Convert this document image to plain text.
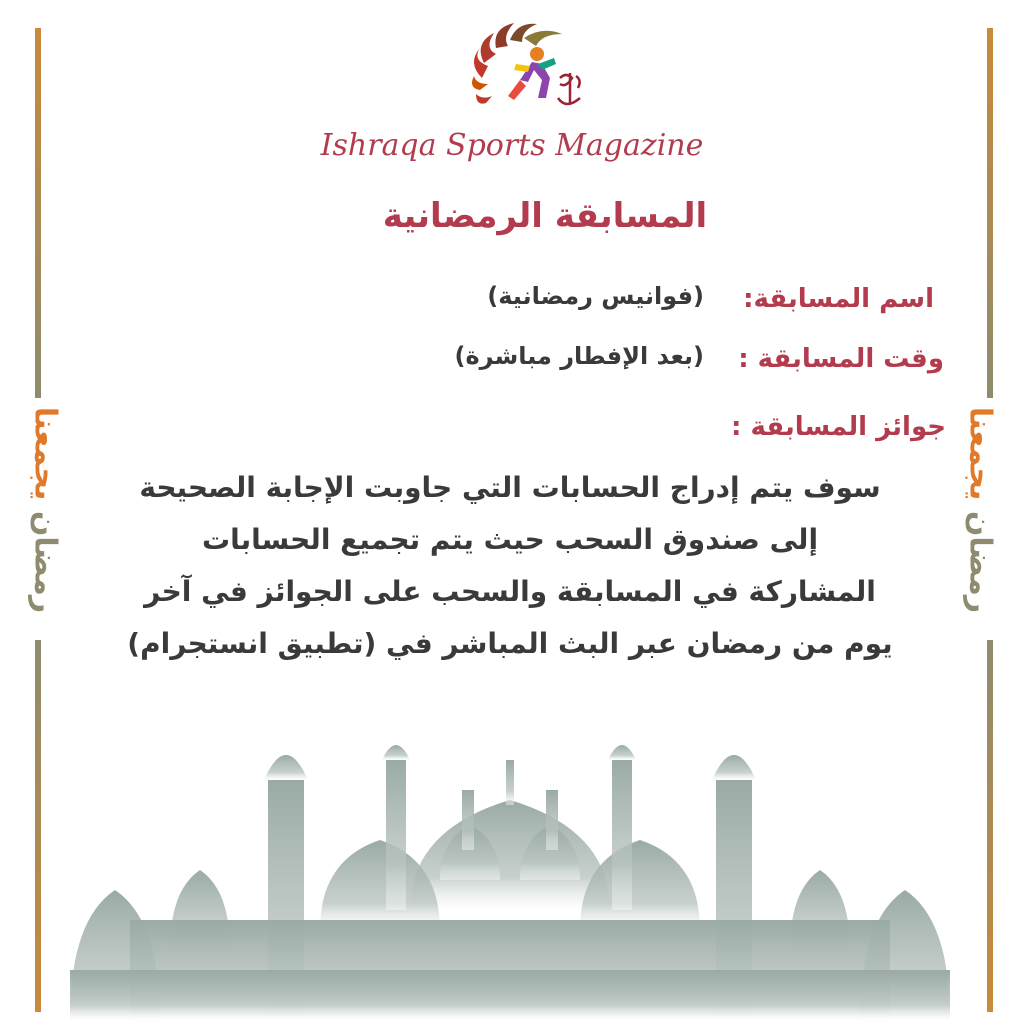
رمضان يجمعنا
رمضان يجمعنا
Ishraqa Sports Magazine
المسابقة الرمضانية
اسم المسابقة:
(فوانيس رمضانية)
وقت المسابقة :
(بعد الإفطار مباشرة)
جوائز المسابقة :
سوف يتم إدراج الحسابات التي جاوبت الإجابة الصحيحة
إلى صندوق السحب حيث يتم تجميع الحسابات
المشاركة في المسابقة والسحب على الجوائز في آخر
يوم من رمضان عبر البث المباشر في (تطبيق انستجرام)
